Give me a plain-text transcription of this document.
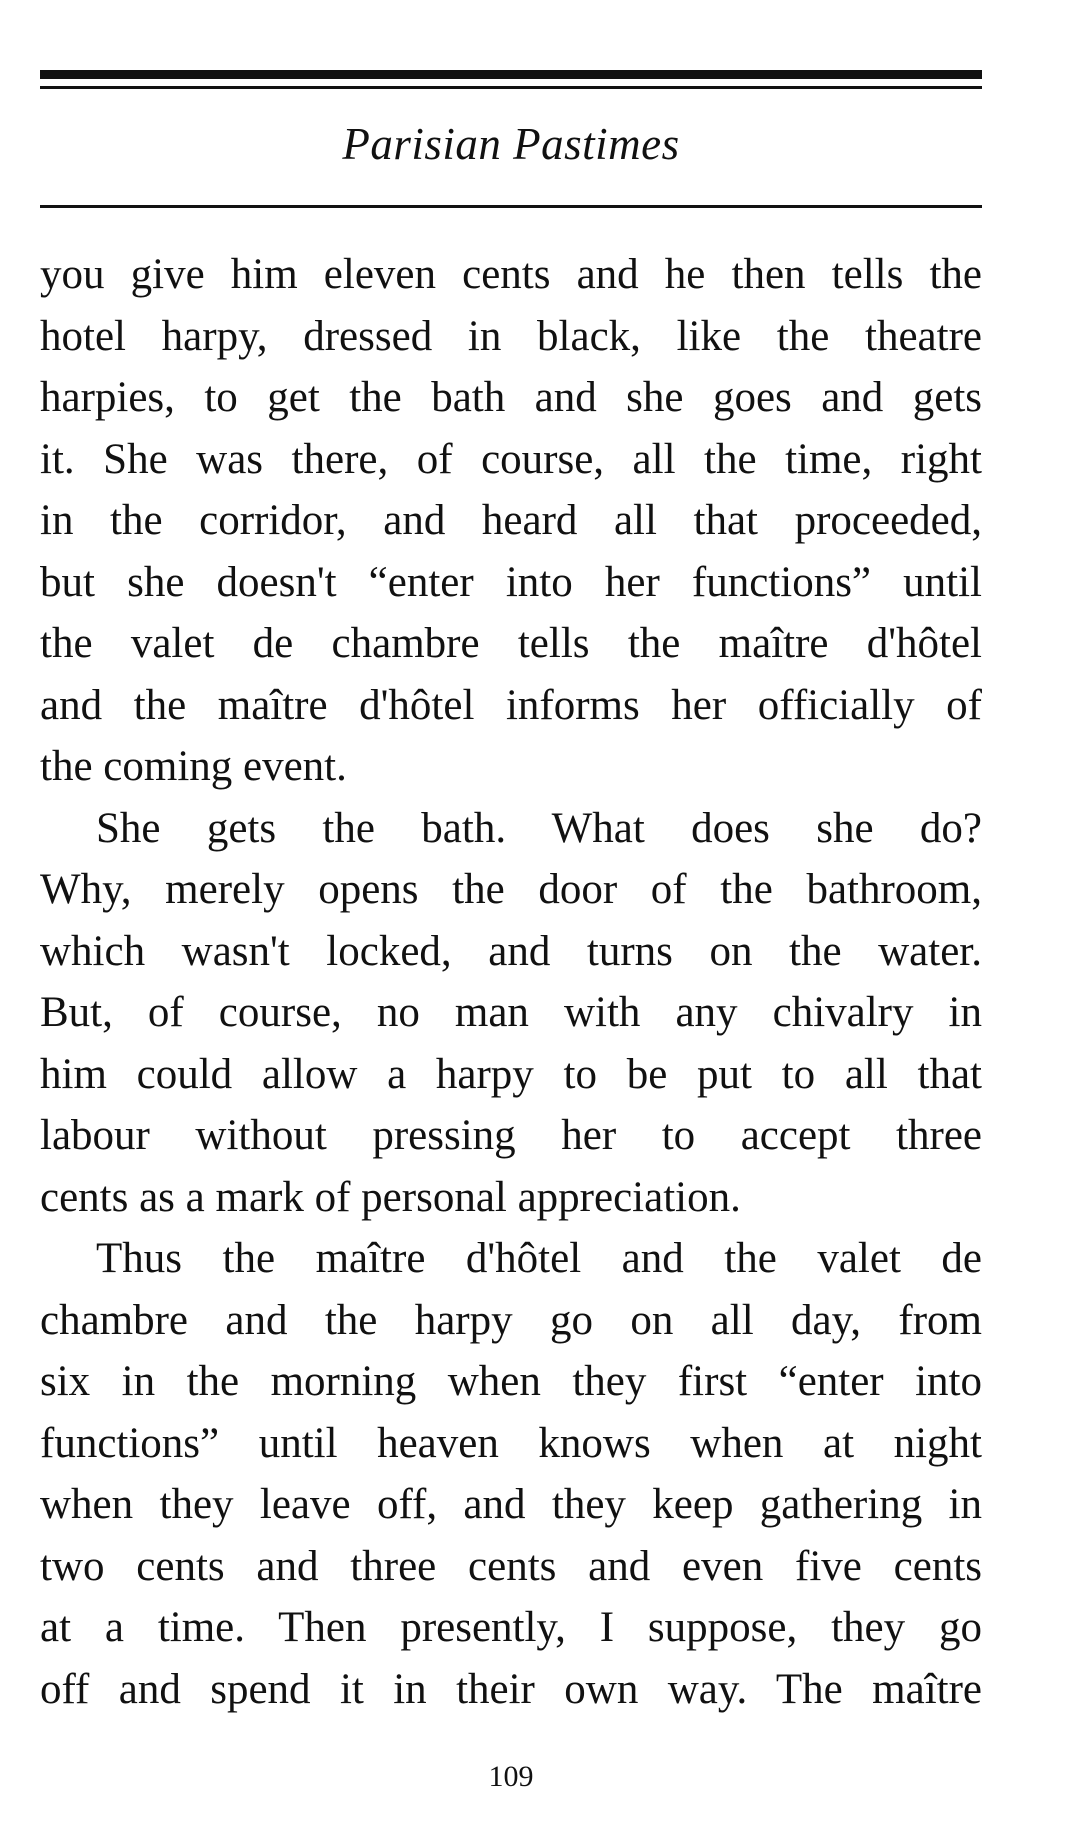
Parisian Pastimes
you give him eleven cents and he then tells the
hotel harpy, dressed in black, like the theatre
harpies, to get the bath and she goes and gets
it. She was there, of course, all the time, right
in the corridor, and heard all that proceeded,
but she doesn't “enter into her functions” until
the valet de chambre tells the maître d'hôtel
and the maître d'hôtel informs her officially of
the coming event.
She gets the bath. What does she do?
Why, merely opens the door of the bathroom,
which wasn't locked, and turns on the water.
But, of course, no man with any chivalry in
him could allow a harpy to be put to all that
labour without pressing her to accept three
cents as a mark of personal appreciation.
Thus the maître d'hôtel and the valet de
chambre and the harpy go on all day, from
six in the morning when they first “enter into
functions” until heaven knows when at night
when they leave off, and they keep gathering in
two cents and three cents and even five cents
at a time. Then presently, I suppose, they go
off and spend it in their own way. The maître
109
